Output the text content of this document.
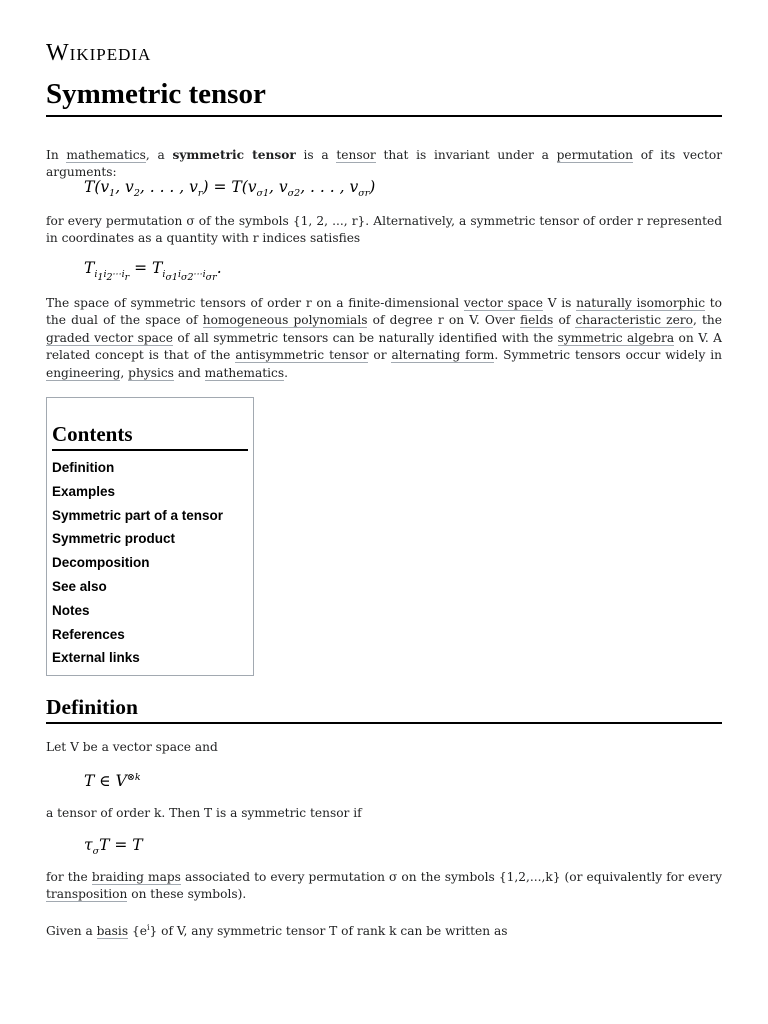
Wikipedia
Symmetric tensor
In mathematics, a symmetric tensor is a tensor that is invariant under a permutation of its vector arguments:
$T(v_1$, $v_2$, . . . , $v_r) = T(v_{\sigma 1}$, $v_{\sigma 2}$, . . . , $v_{\sigma r}$)
for every permutation σ of the symbols {1, 2, ..., r}. Alternatively, a symmetric tensor of order r represented in coordinates as a quantity with r indices satisfies
$T_{i_1i_2\cdot\cdot\cdot i_r} = T_{i_{\sigma 1}i_{\sigma 2}\cdot\cdot\cdot i_{\sigma r}}$.
The space of symmetric tensors of order r on a finite-dimensional vector space V is naturally isomorphic to the dual of the space of homogeneous polynomials of degree r on V. Over fields of characteristic zero, the graded vector space of all symmetric tensors can be naturally identified with the symmetric algebra on V. A related concept is that of the antisymmetric tensor or alternating form. Symmetric tensors occur widely in engineering, physics and mathematics.
Contents
Definition
Examples
Symmetric part of a tensor
Symmetric product
Decomposition
See also
Notes
References
External links
Definition
Let V be a vector space and
T ∈ $V^{\otimes k}$
a tensor of order k. Then T is a symmetric tensor if
$\tau_\sigma T = T$
for the braiding maps associated to every permutation σ on the symbols {1,2,...,k} (or equivalently for every transposition on these symbols).
Given a basis $\{e^i\}$ of V, any symmetric tensor T of rank k can be written as
